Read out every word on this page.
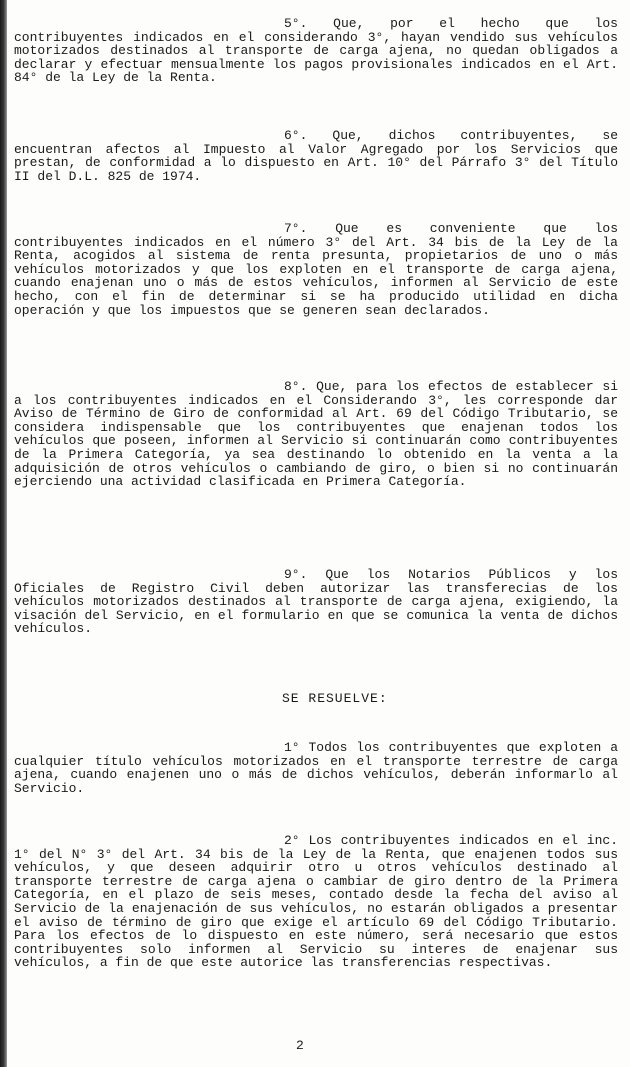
5°. Que, por el hecho que los contribuyentes indicados en el considerando 3°, hayan vendido sus vehículos motorizados destinados al transporte de carga ajena, no quedan obligados a declarar y efectuar mensualmente los pagos provisionales indicados en el Art. 84° de la Ley de la Renta.

6°. Que, dichos contribuyentes, se encuentran afectos al Impuesto al Valor Agregado por los Servicios que prestan, de conformidad a lo dispuesto en Art. 10° del Párrafo 3° del Título II del D.L. 825 de 1974.

7°. Que es conveniente que los contribuyentes indicados en el número 3° del Art. 34 bis de la Ley de la Renta, acogidos al sistema de renta presunta, propietarios de uno o más vehículos motorizados y que los exploten en el transporte de carga ajena, cuando enajenan uno o más de estos vehículos, informen al Servicio de este hecho, con el fin de determinar si se ha producido utilidad en dicha operación y que los impuestos que se generen sean declarados.

8°. Que, para los efectos de establecer si a los contribuyentes indicados en el Considerando 3°, les corresponde dar Aviso de Término de Giro de conformidad al Art. 69 del Código Tributario, se considera indispensable que los contribuyentes que enajenan todos los vehículos que poseen, informen al Servicio si continuarán como contribuyentes de la Primera Categoría, ya sea destinando lo obtenido en la venta a la adquisición de otros vehículos o cambiando de giro, o bien si no continuarán ejerciendo una actividad clasificada en Primera Categoría.

9°. Que los Notarios Públicos y los Oficiales de Registro Civil deben autorizar las transferecias de los vehículos motorizados destinados al transporte de carga ajena, exigiendo, la visación del Servicio, en el formulario en que se comunica la venta de dichos vehículos.

SE RESUELVE:

1° Todos los contribuyentes que exploten a cualquier título vehículos motorizados en el transporte terrestre de carga ajena, cuando enajenen uno o más de dichos vehículos, deberán informarlo al Servicio.

2° Los contribuyentes indicados en el inc. 1° del N° 3° del Art. 34 bis de la Ley de la Renta, que enajenen todos sus vehículos, y que deseen adquirir otro u otros vehículos destinado al transporte terrestre de carga ajena o cambiar de giro dentro de la Primera Categoría, en el plazo de seis meses, contado desde la fecha del aviso al Servicio de la enajenación de sus vehículos, no estarán obligados a presentar el aviso de término de giro que exige el artículo 69 del Código Tributario. Para los efectos de lo dispuesto en este número, será necesario que estos contribuyentes solo informen al Servicio su interes de enajenar sus vehículos, a fin de que este autorice las transferencias respectivas.

2
